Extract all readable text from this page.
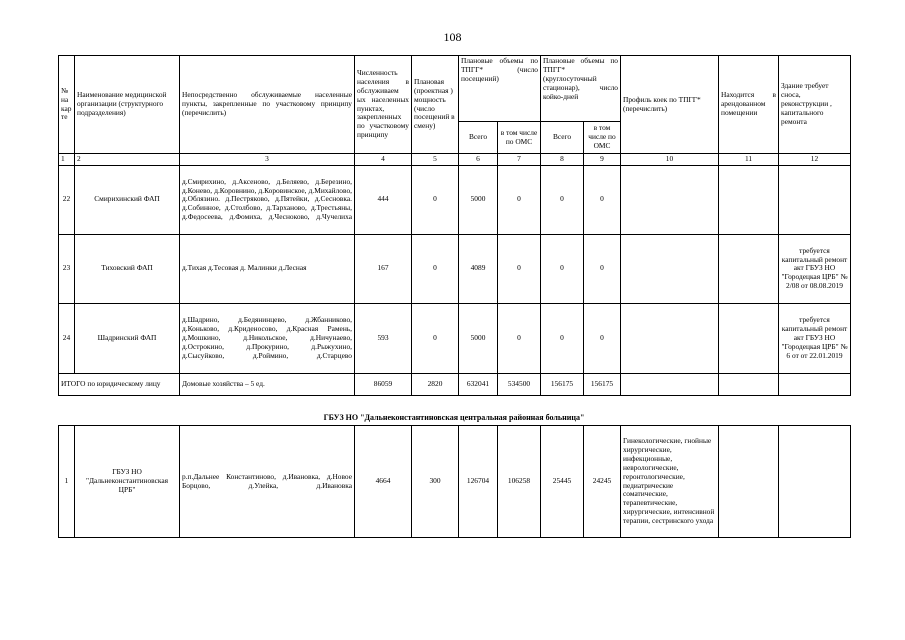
108
№ на кар те	Наименование медицинской организации (структурного подразделения)	Непосредственно обслуживаемые населенные пункты, закрепленные по участковому принципу (перечислить)	Численность населения в обслуживаем ых населенных пунктах, закрепленных по участковому принципу	Плановая (проектная ) мощность (число посещений в смену)	Плановые объемы по ТПГГ* (число посещений)		Плановые объемы по ТПГГ* (круглосуточный стационар), число койко-дней		Профиль коек по ТПГГ* (перечислить)	Находится в арендованном помещении	Здание требует сноса, реконструкции , капитального ремонта
					Всего	в том числе по ОМС	Всего	в том числе по ОМС			
1	2	3	4	5	6	7	8	9	10	11	12
22	Смирихинский ФАП	д.Смирихино, д.Аксеново, д.Беляево, д.Березино, д.Конево, д.Коровнино, д.Коровинское, д.Михайлово, д.Облязино. д.Пестряково, д.Пятейки, д.Сесновка. д.Собинное, д.Столбово, д.Тарханово, д.Трестьяны, д.Федосеева, д.Фомиха, д.Чесноково, д.Чучелиха	444	0	5000	0	0	0			
23	Тиховский ФАП	д.Тихая д.Тесовая д. Малинки д.Лесная	167	0	4089	0	0	0			требуется капитальный ремонт акт ГБУЗ НО "Городецкая ЦРБ" № 2/08 от 08.08.2019
24	Шадринский ФАП	д.Шадрино, д.Бедянинцево, д.Жбанниково, д.Коньково, д.Криденосово, д.Красная Рамень, д.Мошкино, д.Никольское, д.Ничунаево, д.Острокино, д.Прокурино, д.Рыжухино, д.Сысуйково, д.Роймино, д.Старцево	593	0	5000	0	0	0			требуется капитальный ремонт акт ГБУЗ НО "Городецкая ЦРБ" № 6 от от 22.01.2019
ИТОГО по юридическому лицу		Домовые хозяйства – 5 ед.	86059	2820	632041	534500	156175	156175			
ГБУЗ НО "Дальнеконстантиновская центральная районная больница"
1	ГБУЗ НО "Дальнеконстантиновская ЦРБ"	р.п.Дальнее Константиново, д.Ивановка, д.Новое Борцово, д.Улейка, д.Ивановка	4664	300	126704	106258	25445	24245	Гинекологические, гнойные хирургические, инфекционные, неврологические, геронтологические, педиатрические соматические, терапевтические, хирургические, интенсивной терапии, сестринского ухода		
